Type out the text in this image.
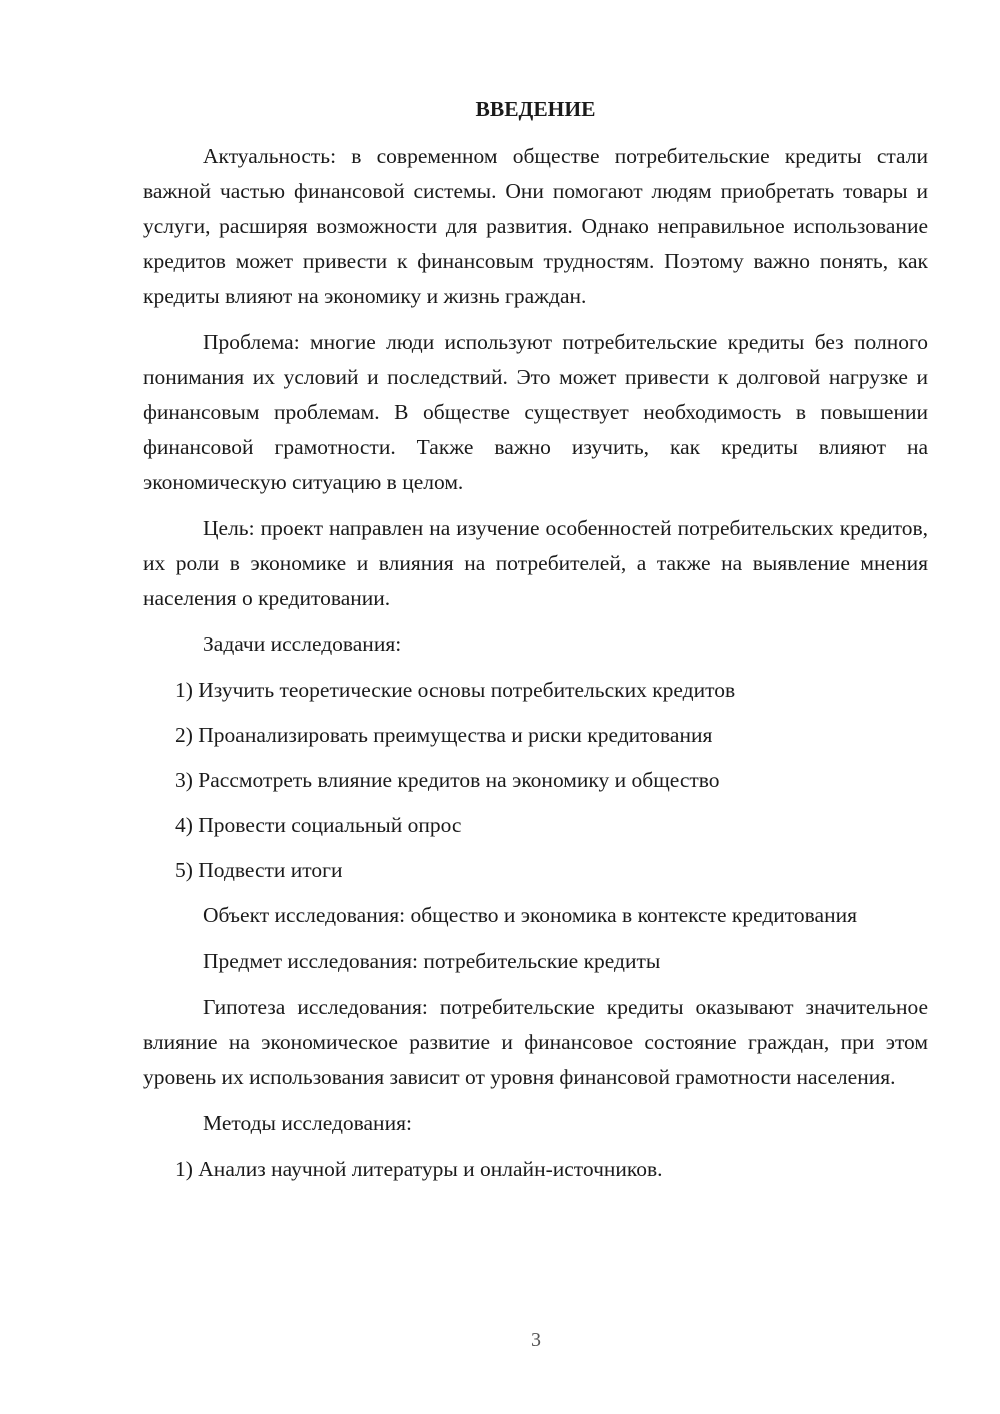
ВВЕДЕНИЕ

Актуальность: в современном обществе потребительские кредиты стали важной частью финансовой системы. Они помогают людям приобретать товары и услуги, расширяя возможности для развития. Однако неправильное использование кредитов может привести к финансовым трудностям. Поэтому важно понять, как кредиты влияют на экономику и жизнь граждан.

Проблема: многие люди используют потребительские кредиты без полного понимания их условий и последствий. Это может привести к долговой нагрузке и финансовым проблемам. В обществе существует необходимость в повышении финансовой грамотности. Также важно изучить, как кредиты влияют на экономическую ситуацию в целом.

Цель: проект направлен на изучение особенностей потребительских кредитов, их роли в экономике и влияния на потребителей, а также на выявление мнения населения о кредитовании.

Задачи исследования:

1) Изучить теоретические основы потребительских кредитов

2) Проанализировать преимущества и риски кредитования

3) Рассмотреть влияние кредитов на экономику и общество

4) Провести социальный опрос

5) Подвести итоги

Объект исследования: общество и экономика в контексте кредитования

Предмет исследования: потребительские кредиты

Гипотеза исследования: потребительские кредиты оказывают значительное влияние на экономическое развитие и финансовое состояние граждан, при этом уровень их использования зависит от уровня финансовой грамотности населения.

Методы исследования:

1) Анализ научной литературы и онлайн-источников.

3
